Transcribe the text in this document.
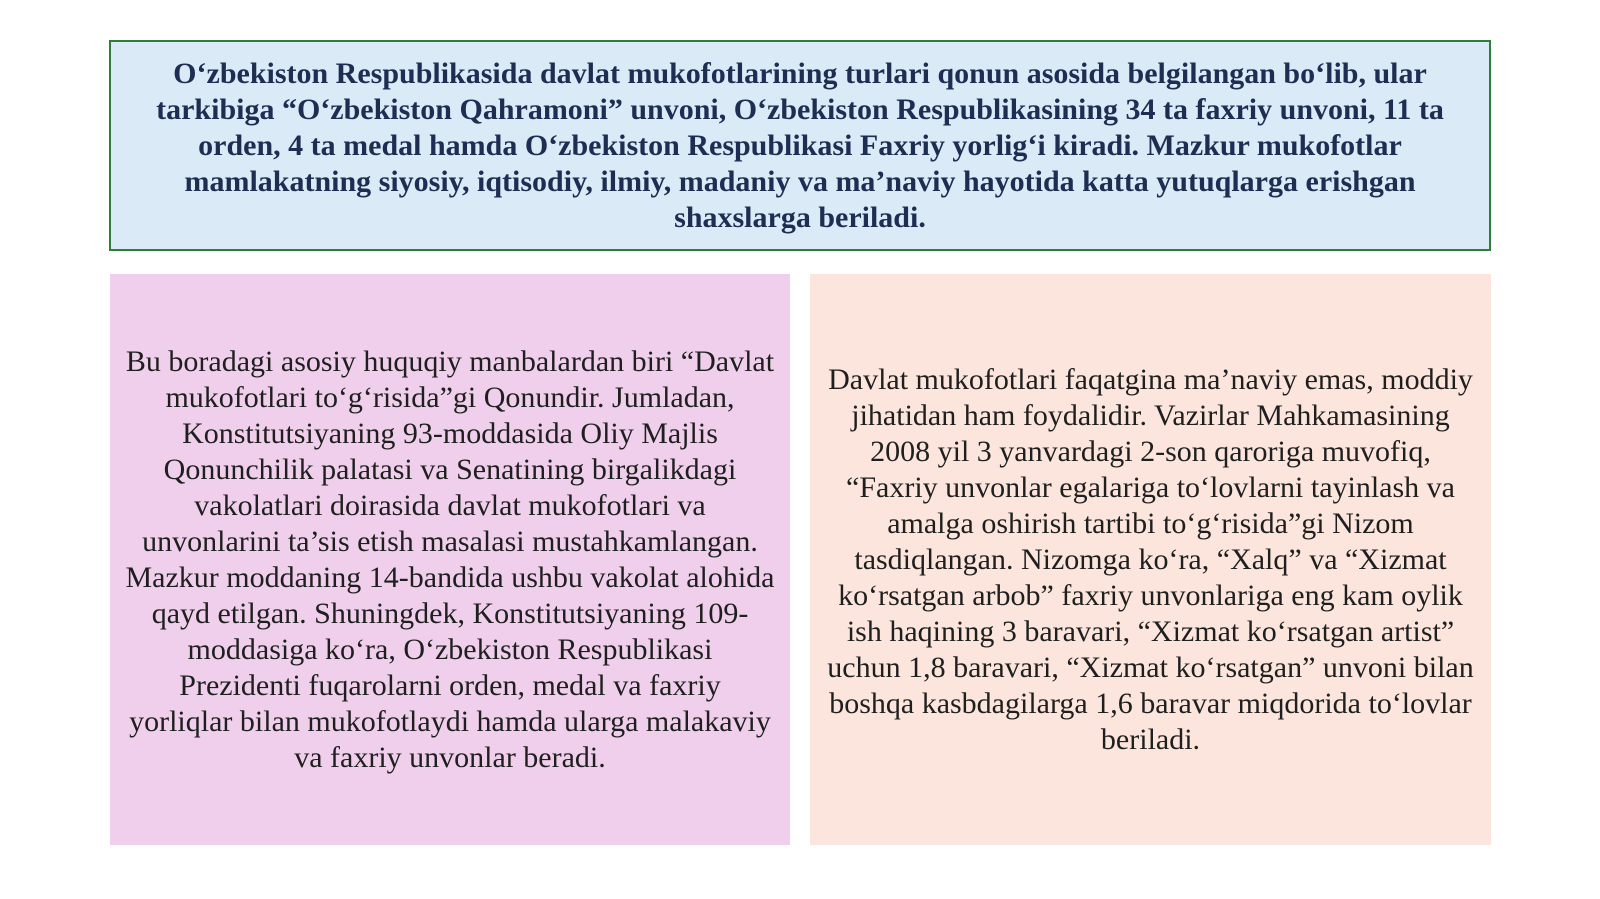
O‘zbekiston Respublikasida davlat mukofotlarining turlari qonun asosida belgilangan bo‘lib, ular tarkibiga “O‘zbekiston Qahramoni” unvoni, O‘zbekiston Respublikasining 34 ta faxriy unvoni, 11 ta orden, 4 ta medal hamda O‘zbekiston Respublikasi Faxriy yorlig‘i kiradi. Mazkur mukofotlar mamlakatning siyosiy, iqtisodiy, ilmiy, madaniy va ma’naviy hayotida katta yutuqlarga erishgan shaxslarga beriladi.

Bu boradagi asosiy huquqiy manbalardan biri “Davlat mukofotlari to‘g‘risida”gi Qonundir. Jumladan, Konstitutsiyaning 93-moddasida Oliy Majlis Qonunchilik palatasi va Senatining birgalikdagi vakolatlari doirasida davlat mukofotlari va unvonlarini ta’sis etish masalasi mustahkamlangan. Mazkur moddaning 14-bandida ushbu vakolat alohida qayd etilgan. Shuningdek, Konstitutsiyaning 109-moddasiga ko‘ra, O‘zbekiston Respublikasi Prezidenti fuqarolarni orden, medal va faxriy yorliqlar bilan mukofotlaydi hamda ularga malakaviy va faxriy unvonlar beradi.

Davlat mukofotlari faqatgina ma’naviy emas, moddiy jihatidan ham foydalidir. Vazirlar Mahkamasining 2008 yil 3 yanvardagi 2-son qaroriga muvofiq, “Faxriy unvonlar egalariga to‘lovlarni tayinlash va amalga oshirish tartibi to‘g‘risida”gi Nizom tasdiqlangan. Nizomga ko‘ra, “Xalq” va “Xizmat ko‘rsatgan arbob” faxriy unvonlariga eng kam oylik ish haqining 3 baravari, “Xizmat ko‘rsatgan artist” uchun 1,8 baravari, “Xizmat ko‘rsatgan” unvoni bilan boshqa kasbdagilarga 1,6 baravar miqdorida to‘lovlar beriladi.
